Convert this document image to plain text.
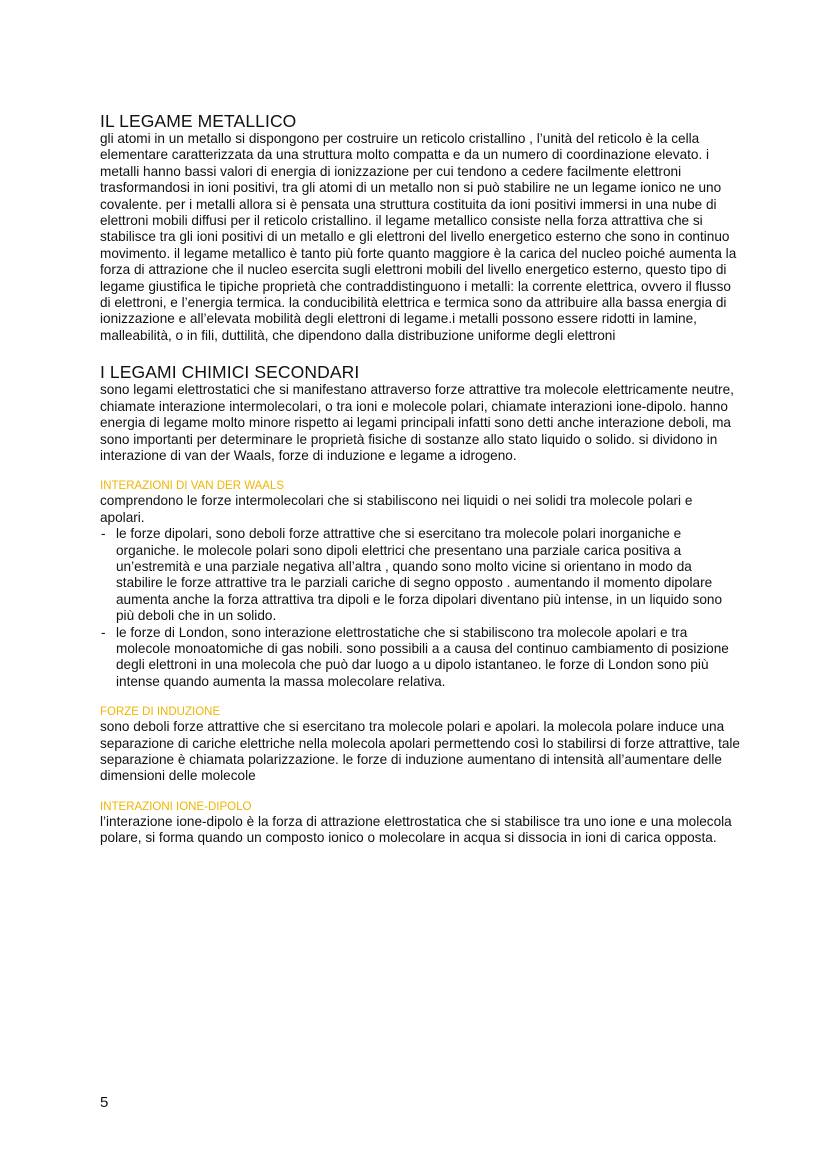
IL LEGAME METALLICO

gli atomi in un metallo si dispongono per costruire un reticolo cristallino , l’unità del reticolo è la cella elementare caratterizzata da una struttura molto compatta e da un numero di coordinazione elevato. i metalli hanno bassi valori di energia di ionizzazione per cui tendono a cedere facilmente elettroni trasformandosi in ioni positivi, tra gli atomi di un metallo non si può stabilire ne un legame ionico ne uno covalente. per i metalli allora si è pensata una struttura costituita da ioni positivi immersi in una nube di elettroni mobili diffusi per il reticolo cristallino. il legame metallico consiste nella forza attrattiva che si stabilisce tra gli ioni positivi di un metallo e gli elettroni del livello energetico esterno che sono in continuo movimento. il legame metallico è tanto più forte quanto maggiore è la carica del nucleo poiché aumenta la forza di attrazione che il nucleo esercita sugli elettroni mobili del livello energetico esterno, questo tipo di legame giustifica le tipiche proprietà che contraddistinguono i metalli: la corrente elettrica, ovvero il flusso di elettroni, e l’energia termica. la conducibilità elettrica e termica sono da attribuire alla bassa energia di ionizzazione e all’elevata mobilità degli elettroni di legame.i metalli possono essere ridotti in lamine, malleabilità, o in fili, duttilità, che dipendono dalla distribuzione uniforme degli elettroni

I LEGAMI CHIMICI SECONDARI

sono legami elettrostatici che si manifestano attraverso forze attrattive tra molecole elettricamente neutre, chiamate interazione intermolecolari, o tra ioni e molecole polari, chiamate interazioni ione-dipolo. hanno energia di legame molto minore rispetto ai legami principali infatti sono detti anche interazione deboli, ma sono importanti per determinare le proprietà fisiche di sostanze allo stato liquido o solido. si dividono in interazione di van der Waals, forze di induzione e legame a idrogeno.

INTERAZIONI DI VAN DER WAALS

comprendono le forze intermolecolari che si stabiliscono nei liquidi o nei solidi tra molecole polari e apolari.

- le forze dipolari, sono deboli forze attrattive che si esercitano tra molecole polari inorganiche e organiche. le molecole polari sono dipoli elettrici che presentano una parziale carica positiva a un’estremità e una parziale negativa all’altra , quando sono molto vicine si orientano in modo da stabilire le forze attrattive tra le parziali cariche di segno opposto . aumentando il momento dipolare aumenta anche la forza attrattiva tra dipoli e le forza dipolari diventano più intense, in un liquido sono più deboli che in un solido.
- le forze di London, sono interazione elettrostatiche che si stabiliscono tra molecole apolari e tra molecole monoatomiche di gas nobili. sono possibili a a causa del continuo cambiamento di posizione degli elettroni in una molecola che può dar luogo a u dipolo istantaneo. le forze di London sono più intense quando aumenta la massa molecolare relativa.
FORZE DI INDUZIONE

sono deboli forze attrattive che si esercitano tra molecole polari e apolari. la molecola polare induce una separazione di cariche elettriche nella molecola apolari permettendo così lo stabilirsi di forze attrattive, tale separazione è chiamata polarizzazione. le forze di induzione aumentano di intensità all’aumentare delle dimensioni delle molecole

INTERAZIONI IONE-DIPOLO

l’interazione ione-dipolo è la forza di attrazione elettrostatica che si stabilisce tra uno ione e una molecola polare, si forma quando un composto ionico o molecolare in acqua si dissocia in ioni di carica opposta.

5
